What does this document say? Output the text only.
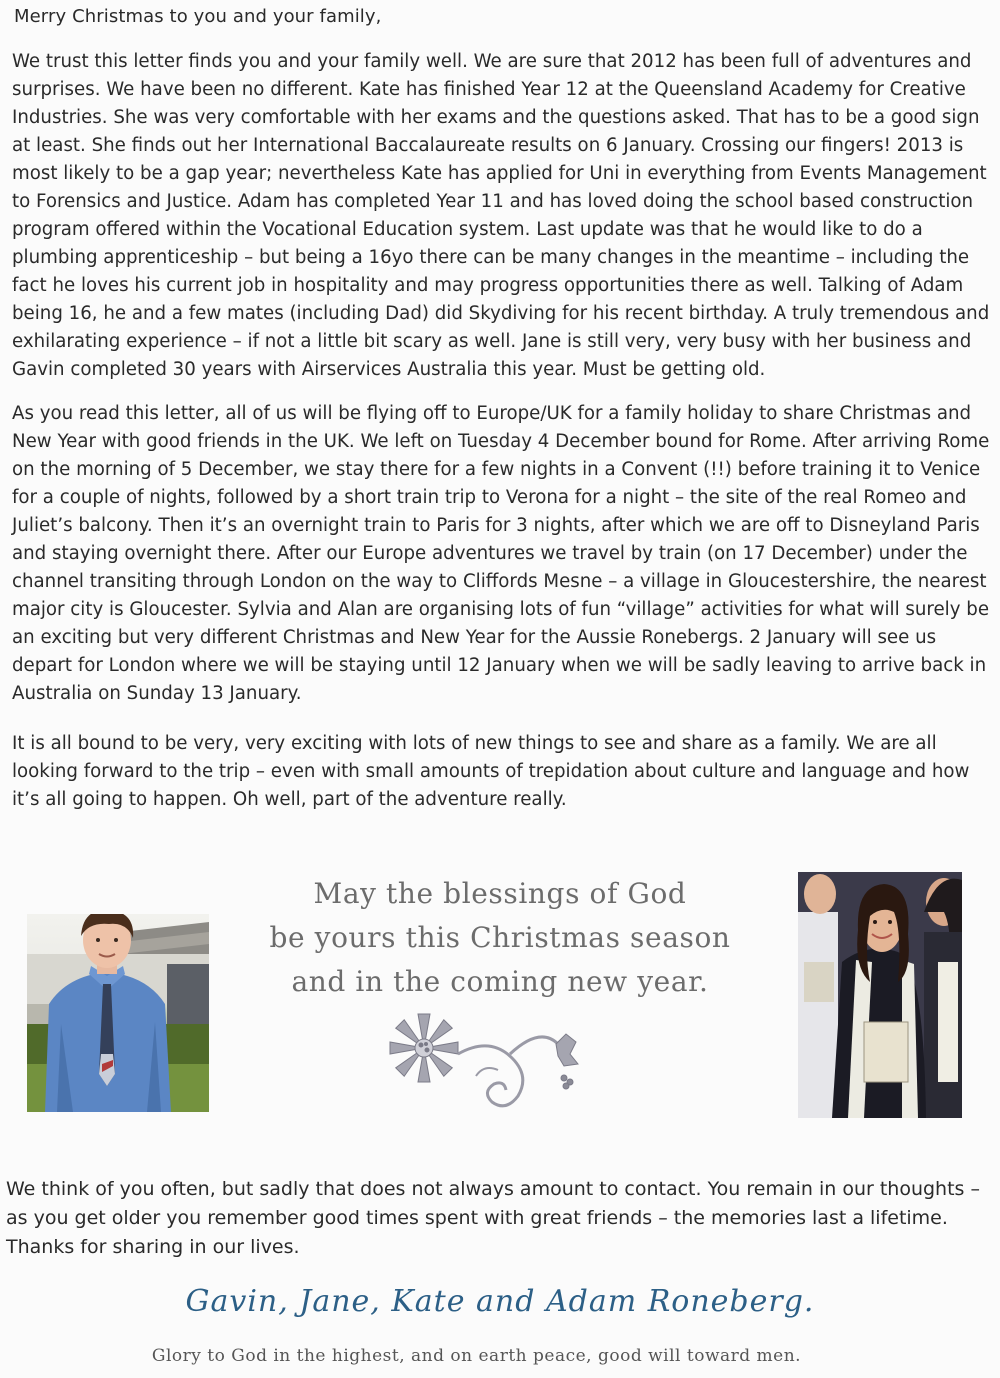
Merry Christmas to you and your family,

We trust this letter finds you and your family well. We are sure that 2012 has been full of adventures and surprises. We have been no different. Kate has finished Year 12 at the Queensland Academy for Creative Industries. She was very comfortable with her exams and the questions asked. That has to be a good sign at least. She finds out her International Baccalaureate results on 6 January. Crossing our fingers! 2013 is most likely to be a gap year; nevertheless Kate has applied for Uni in everything from Events Management to Forensics and Justice. Adam has completed Year 11 and has loved doing the school based construction program offered within the Vocational Education system. Last update was that he would like to do a plumbing apprenticeship – but being a 16yo there can be many changes in the meantime – including the fact he loves his current job in hospitality and may progress opportunities there as well. Talking of Adam being 16, he and a few mates (including Dad) did Skydiving for his recent birthday. A truly tremendous and exhilarating experience – if not a little bit scary as well. Jane is still very, very busy with her business and Gavin completed 30 years with Airservices Australia this year. Must be getting old.

As you read this letter, all of us will be flying off to Europe/UK for a family holiday to share Christmas and New Year with good friends in the UK. We left on Tuesday 4 December bound for Rome. After arriving Rome on the morning of 5 December, we stay there for a few nights in a Convent (!!) before training it to Venice for a couple of nights, followed by a short train trip to Verona for a night – the site of the real Romeo and Juliet’s balcony. Then it’s an overnight train to Paris for 3 nights, after which we are off to Disneyland Paris and staying overnight there. After our Europe adventures we travel by train (on 17 December) under the channel transiting through London on the way to Cliffords Mesne – a village in Gloucestershire, the nearest major city is Gloucester. Sylvia and Alan are organising lots of fun “village” activities for what will surely be an exciting but very different Christmas and New Year for the Aussie Ronebergs. 2 January will see us depart for London where we will be staying until 12 January when we will be sadly leaving to arrive back in Australia on Sunday 13 January.

It is all bound to be very, very exciting with lots of new things to see and share as a family. We are all looking forward to the trip – even with small amounts of trepidation about culture and language and how it’s all going to happen. Oh well, part of the adventure really.

May the blessings of God
be yours this Christmas season
and in the coming new year.

We think of you often, but sadly that does not always amount to contact. You remain in our thoughts – as you get older you remember good times spent with great friends – the memories last a lifetime. Thanks for sharing in our lives.

Gavin, Jane, Kate and Adam Roneberg.
Glory to God in the highest, and on earth peace, good will toward men.
